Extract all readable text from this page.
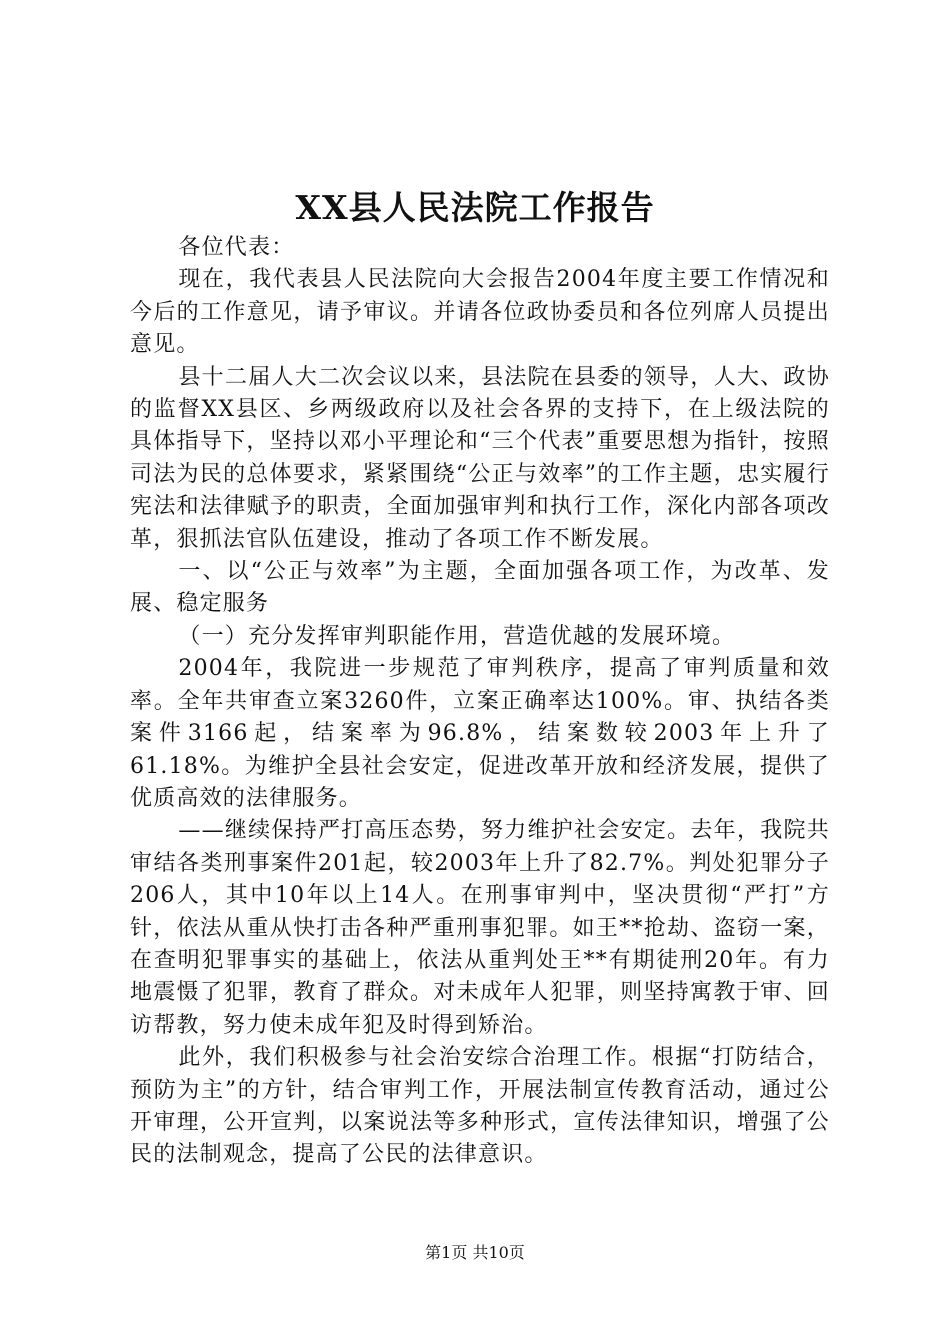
XX县人民法院工作报告

各位代表：

现在，我代表县人民法院向大会报告2004年度主要工作情况和今后的工作意见，请予审议。并请各位政协委员和各位列席人员提出意见。

县十二届人大二次会议以来，县法院在县委的领导，人大、政协的监督XX县区、乡两级政府以及社会各界的支持下，在上级法院的具体指导下，坚持以邓小平理论和“三个代表”重要思想为指针，按照司法为民的总体要求，紧紧围绕“公正与效率”的工作主题，忠实履行宪法和法律赋予的职责，全面加强审判和执行工作，深化内部各项改革，狠抓法官队伍建设，推动了各项工作不断发展。

一、以“公正与效率”为主题，全面加强各项工作，为改革、发展、稳定服务

（一）充分发挥审判职能作用，营造优越的发展环境。

2004年，我院进一步规范了审判秩序，提高了审判质量和效率。全年共审查立案3260件，立案正确率达100%。审、执结各类案件3166起，结案率为96.8%，结案数较2003年上升了61.18%。为维护全县社会安定，促进改革开放和经济发展，提供了优质高效的法律服务。

——继续保持严打高压态势，努力维护社会安定。去年，我院共审结各类刑事案件201起，较2003年上升了82.7%。判处犯罪分子206人，其中10年以上14人。在刑事审判中，坚决贯彻“严打”方针，依法从重从快打击各种严重刑事犯罪。如王**抢劫、盗窃一案，在查明犯罪事实的基础上，依法从重判处王**有期徒刑20年。有力地震慑了犯罪，教育了群众。对未成年人犯罪，则坚持寓教于审、回访帮教，努力使未成年犯及时得到矫治。

此外，我们积极参与社会治安综合治理工作。根据“打防结合，预防为主”的方针，结合审判工作，开展法制宣传教育活动，通过公开审理，公开宣判，以案说法等多种形式，宣传法律知识，增强了公民的法制观念，提高了公民的法律意识。

第1页 共10页
